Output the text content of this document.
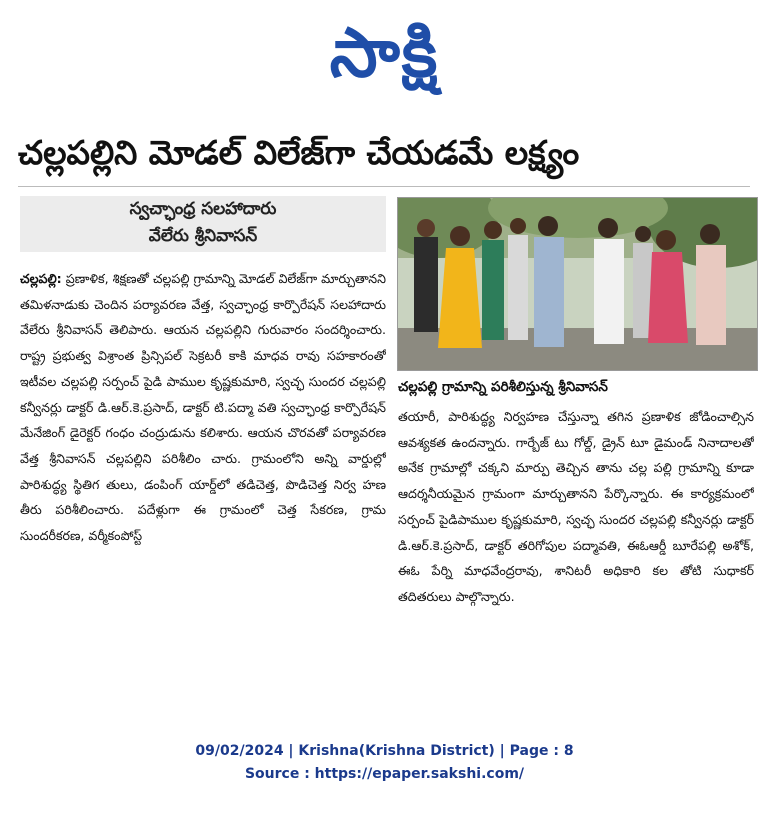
సాక్షి
చల్లపల్లిని మోడల్ విలేజ్‌గా చేయడమే లక్ష్యం
స్వచ్ఛాంధ్ర సలహాదారు
వేలేరు శ్రీనివాసన్
చల్లపల్లి: ప్రణాళిక, శిక్షణతో చల్లపల్లి గ్రామాన్ని మోడల్ విలేజ్‌గా మార్చుతానని తమిళనాడుకు చెందిన పర్యావరణ వేత్త, స్వచ్ఛాంధ్ర కార్పొరేషన్ సలహాదారు వేలేరు శ్రీనివాసన్ తెలిపారు. ఆయన చల్లపల్లిని గురువారం సందర్శించారు. రాష్ట్ర ప్రభుత్వ విశ్రాంత ప్రిన్సిపల్ సెక్రటరీ కాకి మాధవ రావు సహకారంతో ఇటీవల చల్లపల్లి సర్పంచ్ పైడి పాముల కృష్ణకుమారి, స్వచ్ఛ సుందర చల్లపల్లి కన్వీనర్లు డాక్టర్ డి.ఆర్.కె.ప్రసాద్, డాక్టర్ టి.పద్మా వతి స్వచ్ఛాంధ్ర కార్పొరేషన్ మేనేజింగ్ డైరెక్టర్ గంధం చంద్రుడును కలిశారు. ఆయన చొరవతో పర్యావరణ వేత్త శ్రీనివాసన్ చల్లపల్లిని పరిశీలిం చారు. గ్రామంలోని అన్ని వార్డుల్లో పారిశుద్ధ్య స్థితిగ తులు, డంపింగ్ యార్డ్‌లో తడిచెత్త, పొడిచెత్త నిర్వ హణ తీరు పరిశీలించారు. పదేళ్లుగా ఈ గ్రామంలో చెత్త సేకరణ, గ్రామ సుందరీకరణ, వర్మీకంపోస్ట్
చల్లపల్లి గ్రామాన్ని పరిశీలిస్తున్న శ్రీనివాసన్
తయారీ, పారిశుద్ధ్య నిర్వహణ చేస్తున్నా తగిన ప్రణాళిక జోడించాల్సిన ఆవశ్యకత ఉందన్నారు. గార్బేజ్ టు గోల్డ్, డ్రైన్ టూ డైమండ్ నినాదాలతో అనేక గ్రామాల్లో చక్కని మార్పు తెచ్చిన తాను చల్ల పల్లి గ్రామాన్ని కూడా ఆదర్శనీయమైన గ్రామంగా మార్చుతానని పేర్కొన్నారు. ఈ కార్యక్రమంలో సర్పంచ్ పైడిపాముల కృష్ణకుమారి, స్వచ్ఛ సుందర చల్లపల్లి కన్వీనర్లు డాక్టర్ డి.ఆర్.కె.ప్రసాద్, డాక్టర్ తరిగోపుల పద్మావతి, ఈఓఆర్డీ బూరేపల్లి అశోక్, ఈఓ పేర్ని మాధవేంద్రరావు, శానిటరీ అధికారి కల తోటి సుధాకర్ తదితరులు పాల్గొన్నారు.
09/02/2024 | Krishna(Krishna District) | Page : 8
Source : https://epaper.sakshi.com/
